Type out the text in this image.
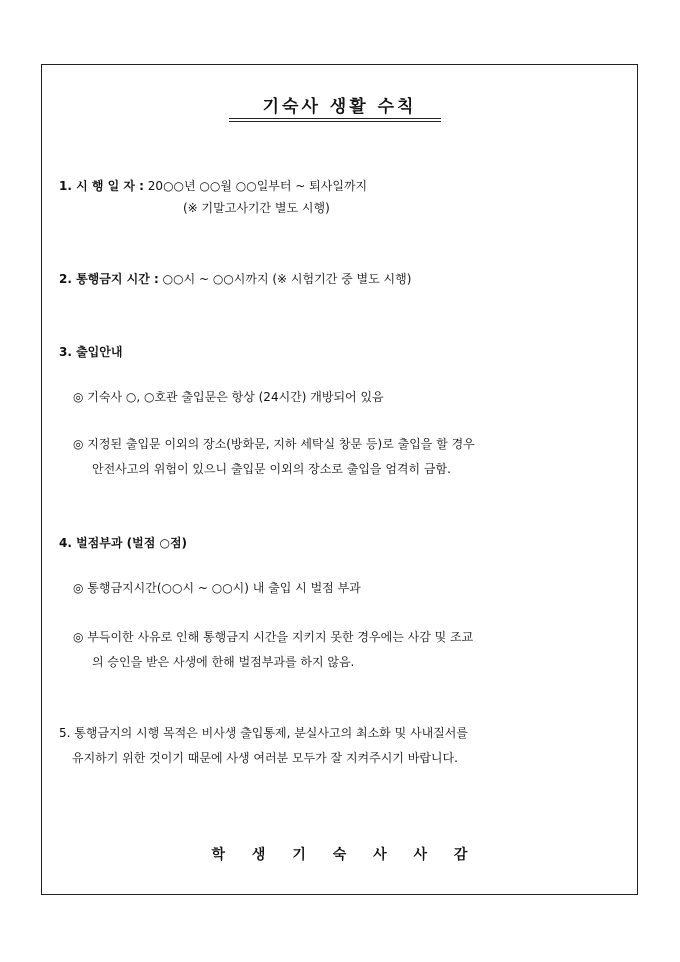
기숙사 생활 수칙
1. 시 행 일 자 : 20○○년 ○○월 ○○일부터 ~ 퇴사일까지
(※ 기말고사기간 별도 시행)
2. 통행금지 시간 : ○○시 ~ ○○시까지 (※ 시험기간 중 별도 시행)
3. 출입안내
◎ 기숙사 ○, ○호관 출입문은 항상 (24시간) 개방되어 있음
◎ 지정된 출입문 이외의 장소(방화문, 지하 세탁실 창문 등)로 출입을 할 경우
안전사고의 위험이 있으니 출입문 이외의 장소로 출입을 엄격히 금함.
4. 벌점부과 (벌점 ○점)
◎ 통행금지시간(○○시 ~ ○○시) 내 출입 시 벌점 부과
◎ 부득이한 사유로 인해 통행금지 시간을 지키지 못한 경우에는 사감 및 조교
의 승인을 받은 사생에 한해 벌점부과를 하지 않음.
5. 통행금지의 시행 목적은 비사생 출입통제, 분실사고의 최소화 및 사내질서를
유지하기 위한 것이기 때문에 사생 여러분 모두가 잘 지켜주시기 바랍니다.
학 생 기 숙 사 사 감
